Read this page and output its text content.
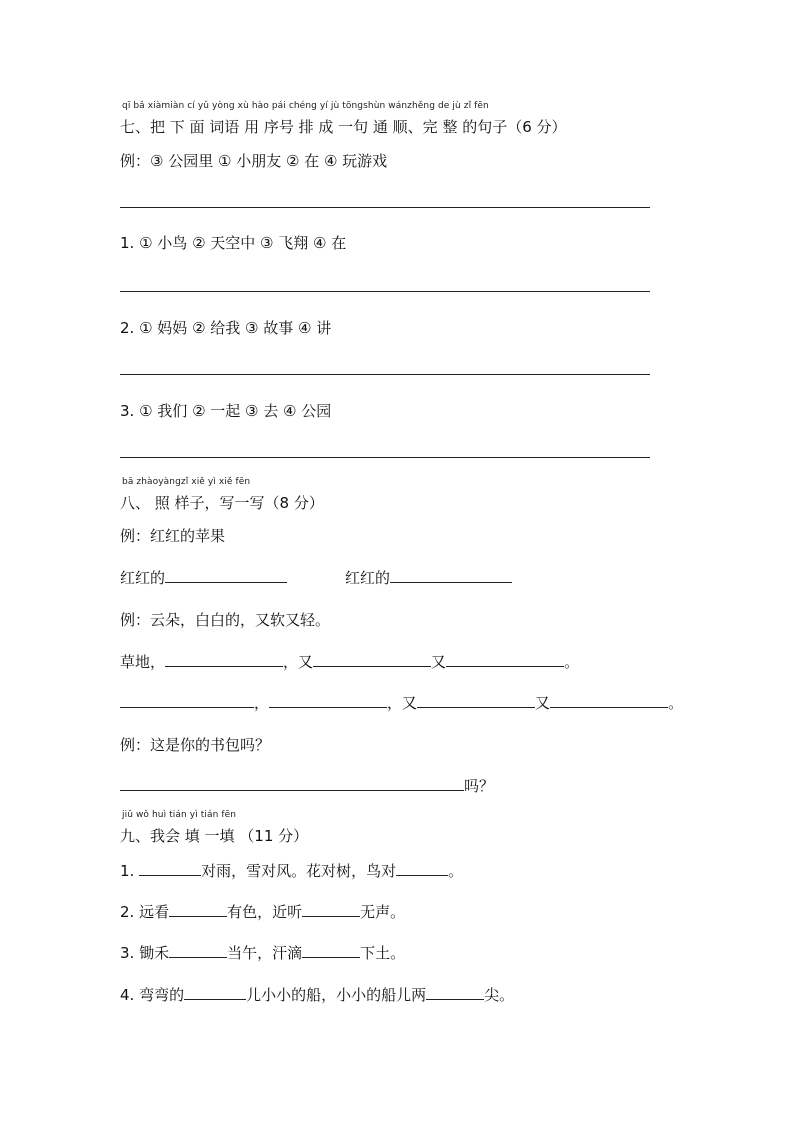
qī bǎ xiàmiàn cí yǔ yòng xù hào pái chéng yí jù tōngshùn wánzhěng de jù zǐ fēn
七、把 下 面 词语 用 序号 排 成 一句 通 顺、完 整 的句子（6 分）
例：③ 公园里 ① 小朋友 ② 在 ④ 玩游戏
1. ① 小鸟 ② 天空中 ③ 飞翔 ④ 在
2. ① 妈妈 ② 给我 ③ 故事 ④ 讲
3. ① 我们 ② 一起 ③ 去 ④ 公园
bā zhàoyàngzǐ xiě yì xiě fēn
八、 照 样子，写一写（8 分）
例：红红的苹果
红红的	红红的
例：云朵，白白的，又软又轻。
草地，	，又	又	。
，	，又	又	。
例：这是你的书包吗？
吗？
jiǔ wǒ huì tián yì tián fēn
九、我会 填 一填 （11 分）
1.	对雨，雪对风。花对树，鸟对	。
2. 远看	有色，近听	无声。
3. 锄禾	当午，汗滴	下土。
4. 弯弯的	儿小小的船，小小的船儿两	尖。
